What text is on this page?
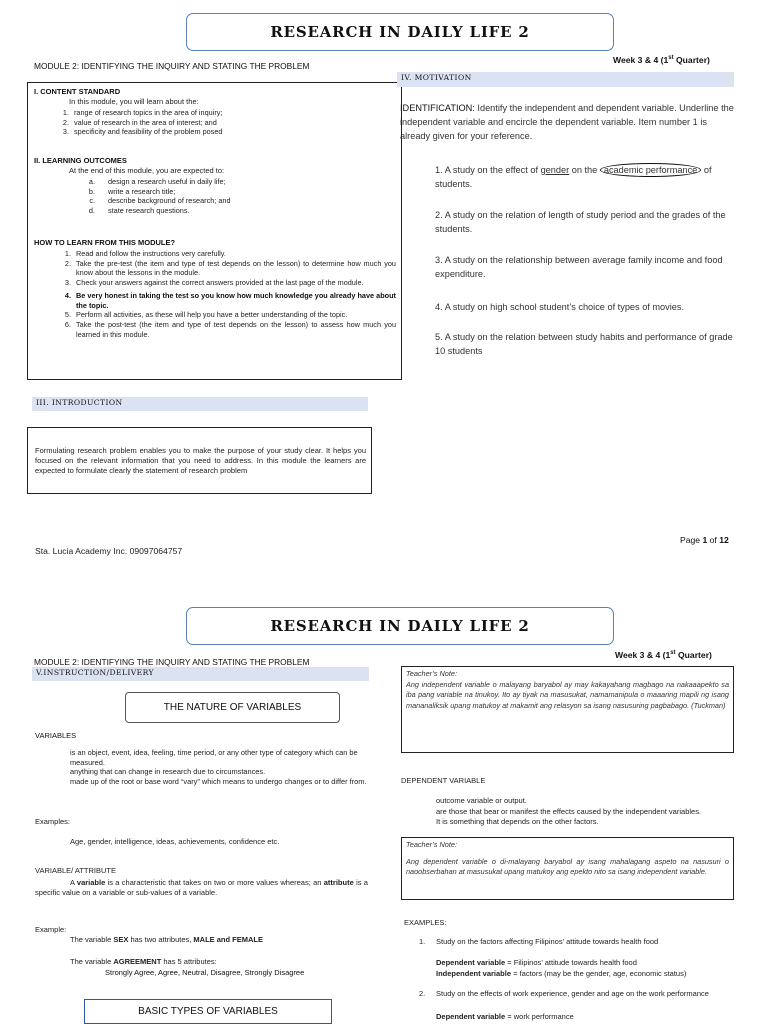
RESEARCH IN DAILY LIFE 2
Week 3 & 4 (1st Quarter)
MODULE 2: IDENTIFYING THE INQUIRY AND STATING THE PROBLEM
I. CONTENT STANDARD
In this module, you will learn about the:
1. range of research topics in the area of inquiry;
2. value of research in the area of interest; and
3. specificity and feasibility of the problem posed
II. LEARNING OUTCOMES
At the end of this module, you are expected to:
a.	design a research useful in daily life;
b.	write a research title;
c.	describe background of research; and
d.	state research questions.
HOW TO LEARN FROM THIS MODULE?
1. Read and follow the instructions very carefully.
2. Take the pre-test (the item and type of test depends on the lesson) to determine how much you know about the lessons in the module.
3. Check your answers against the correct answers provided at the last page of the module.
4. Be very honest in taking the test so you know how much knowledge you already have about the topic.
5. Perform all activities, as these will help you have a better understanding of the topic.
6. Take the post-test (the item and type of test depends on the lesson) to assess how much you learned in this module.
III. INTRODUCTION
Formulating research problem enables you to make the purpose of your study clear. It helps you focused on the relevant information that you need to address. In this module the learners are expected to formulate clearly the statement of research problem
IV. MOTIVATION
IDENTIFICATION: Identify the independent and dependent variable. Underline the independent variable and encircle the dependent variable. Item number 1 is already given for your reference.
1. A study on the effect of gender on the academic performance of students.
2. A study on the relation of length of study period and the grades of the students.
3. A study on the relationship between average family income and food expenditure.
4. A study on high school student’s choice of types of movies.
5. A study on the relation between study habits and performance of grade 10 students
Sta. Lucia Academy Inc. 09097064757
Page 1 of 12
RESEARCH IN DAILY LIFE 2
Week 3 & 4 (1st Quarter)
MODULE 2: IDENTIFYING THE INQUIRY AND STATING THE PROBLEM
V.INSTRUCTION/DELIVERY
THE NATURE OF VARIABLES
VARIABLES
is an object, event, idea, feeling, time period, or any other type of category which can be measured.
anything that can change in research due to circumstances.
made up of the root or base word “vary” which means to undergo changes or to differ from.
Examples:
Age, gender, intelligence, ideas, achievements, confidence etc.
VARIABLE/ ATTRIBUTE
A variable is a characteristic that takes on two or more values whereas; an attribute is a specific value on a variable or sub-values of a variable.
Example:
The variable SEX has two attributes, MALE and FEMALE
The variable AGREEMENT has 5 attributes:
Strongly Agree, Agree, Neutral, Disagree, Strongly Disagree
BASIC TYPES OF VARIABLES
Teacher’s Note:
Ang independent variable o malayang baryabol ay may kakayahang magbago na nakaaapekto sa iba pang variable na tinukoy. Ito ay tiyak na masusukat, namamanipula o maaaring mapili ng isang mananaliksik upang matukoy at makamit ang relasyon sa isang nasusuring pagbabago. (Tuckman)
DEPENDENT VARIABLE
outcome variable or output.
are those that bear or manifest the effects caused by the independent variables.
It is something that depends on the other factors.
Teacher’s Note:
Ang dependent variable o di-malayang baryabol ay isang mahalagang aspeto na nasusuri o naoobserbahan at masusukat upang matukoy ang epekto nito sa isang independent variable.
EXAMPLES:
1. Study on the factors affecting Filipinos’ attitude towards health food
Dependent variable = Filipinos’ attitude towards health food
Independent variable = factors (may be the gender, age, economic status)
2. Study on the effects of work experience, gender and age on the work performance
Dependent variable = work performance
